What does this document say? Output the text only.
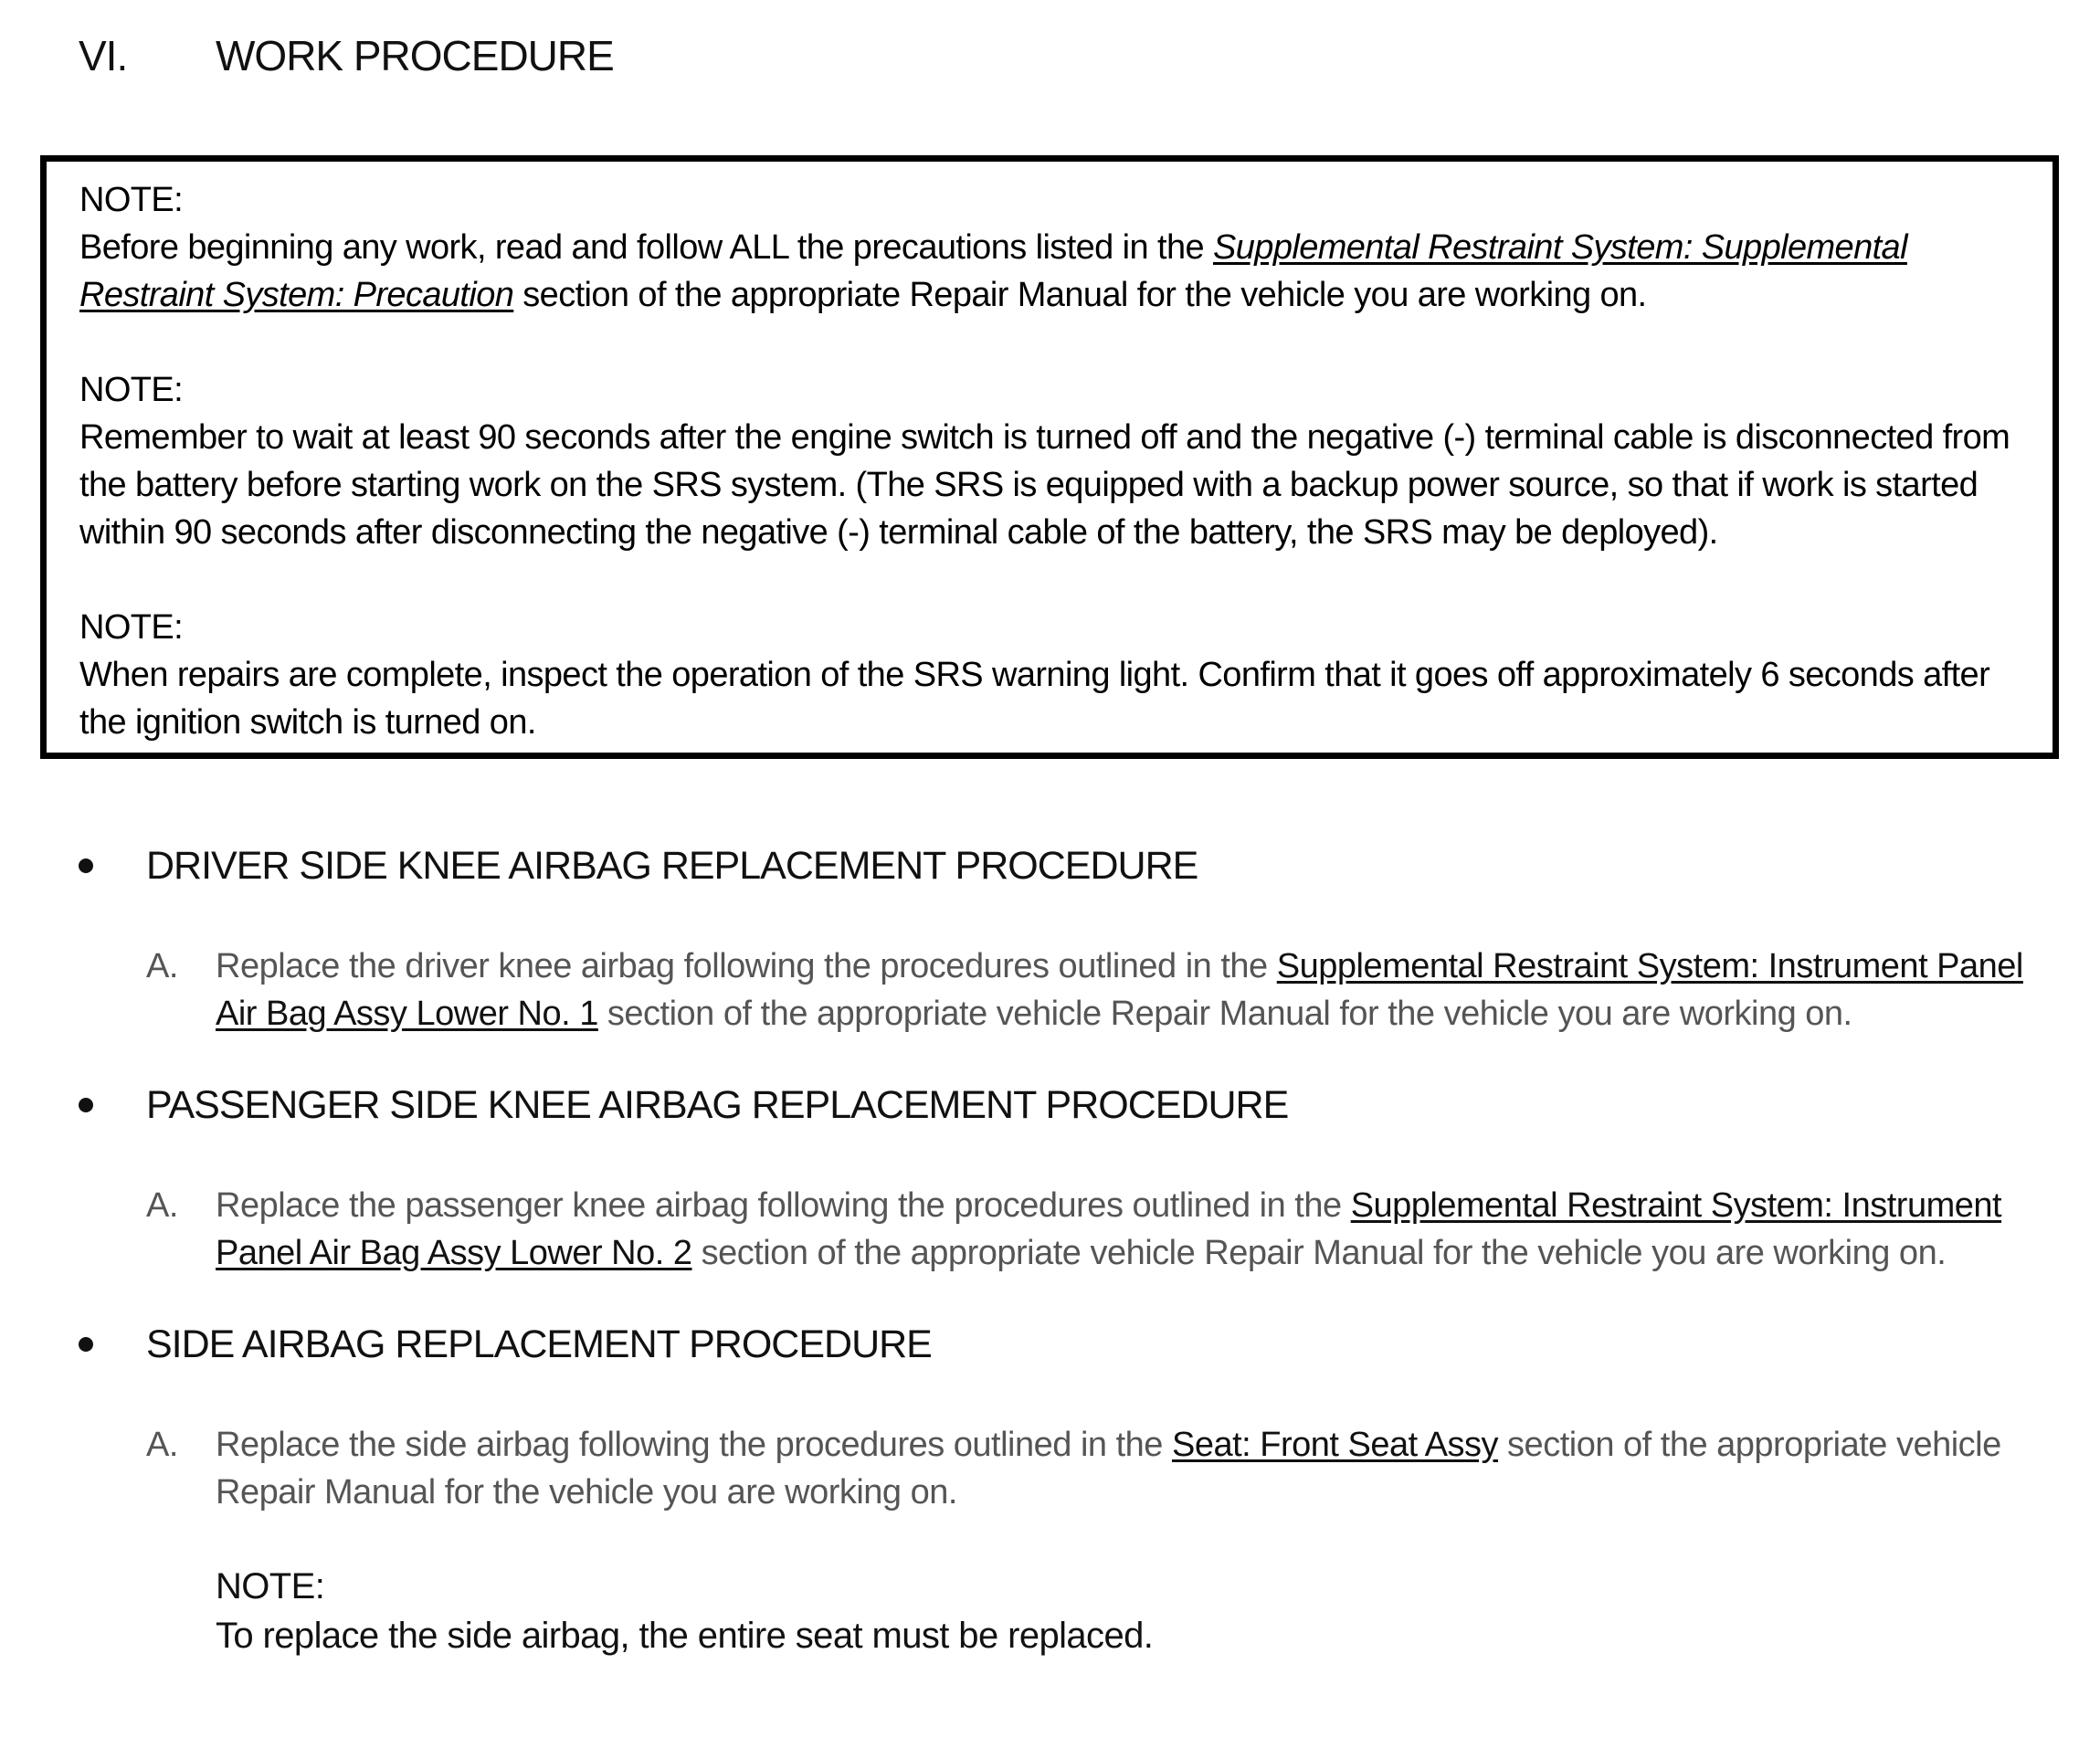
VI. WORK PROCEDURE
NOTE:
Before beginning any work, read and follow ALL the precautions listed in the Supplemental Restraint System: Supplemental Restraint System: Precaution section of the appropriate Repair Manual for the vehicle you are working on.
NOTE:
Remember to wait at least 90 seconds after the engine switch is turned off and the negative (-) terminal cable is disconnected from the battery before starting work on the SRS system. (The SRS is equipped with a backup power source, so that if work is started within 90 seconds after disconnecting the negative (-) terminal cable of the battery, the SRS may be deployed).
NOTE:
When repairs are complete, inspect the operation of the SRS warning light. Confirm that it goes off approximately 6 seconds after the ignition switch is turned on.
DRIVER SIDE KNEE AIRBAG REPLACEMENT PROCEDURE
A. Replace the driver knee airbag following the procedures outlined in the Supplemental Restraint System: Instrument Panel Air Bag Assy Lower No. 1 section of the appropriate vehicle Repair Manual for the vehicle you are working on.
PASSENGER SIDE KNEE AIRBAG REPLACEMENT PROCEDURE
A. Replace the passenger knee airbag following the procedures outlined in the Supplemental Restraint System: Instrument Panel Air Bag Assy Lower No. 2 section of the appropriate vehicle Repair Manual for the vehicle you are working on.
SIDE AIRBAG REPLACEMENT PROCEDURE
A. Replace the side airbag following the procedures outlined in the Seat: Front Seat Assy section of the appropriate vehicle Repair Manual for the vehicle you are working on.
NOTE:
To replace the side airbag, the entire seat must be replaced.
